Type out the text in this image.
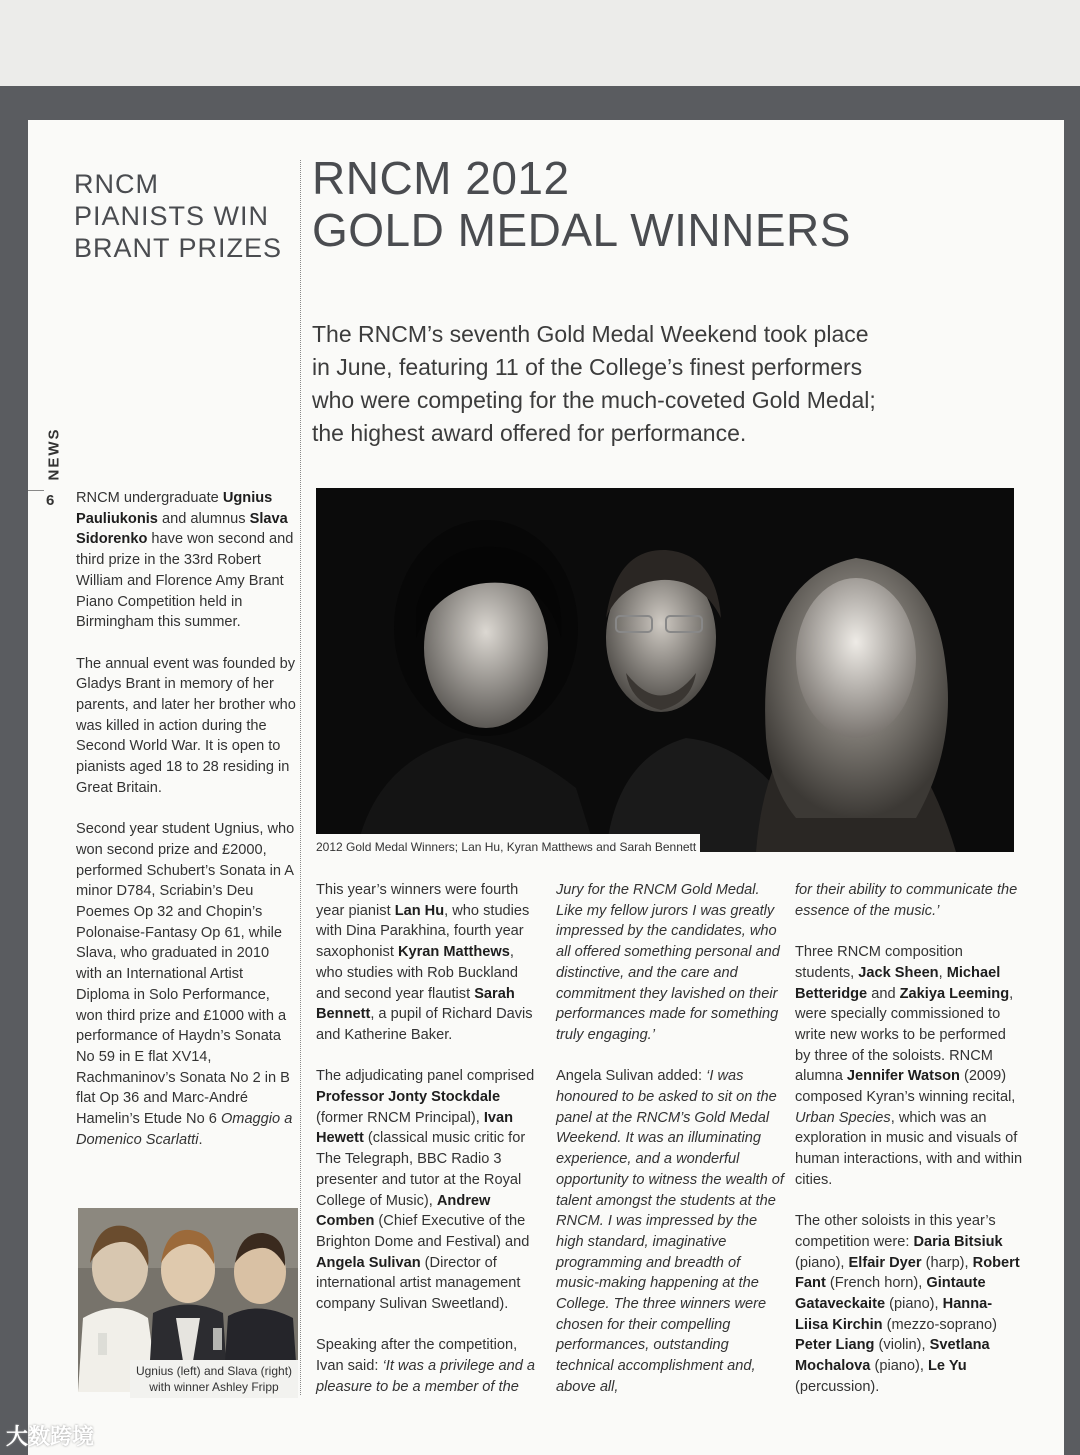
RNCM
PIANISTS WIN
BRANT PRIZES
RNCM 2012
GOLD MEDAL WINNERS
NEWS
6
The RNCM’s seventh Gold Medal Weekend took place in June, featuring 11 of the College’s finest performers who were competing for the much-coveted Gold Medal; the highest award offered for performance.
2012 Gold Medal Winners; Lan Hu, Kyran Matthews and Sarah Bennett

RNCM undergraduate Ugnius Pauliukonis and alumnus Slava Sidorenko have won second and third prize in the 33rd Robert William and Florence Amy Brant Piano Competition held in Birmingham this summer.

The annual event was founded by Gladys Brant in memory of her parents, and later her brother who was killed in action during the Second World War. It is open to pianists aged 18 to 28 residing in Great Britain.

Second year student Ugnius, who won second prize and £2000, performed Schubert’s Sonata in A minor D784, Scriabin’s Deu Poemes Op 32 and Chopin’s Polonaise-Fantasy Op 61, while Slava, who graduated in 2010 with an International Artist Diploma in Solo Performance, won third prize and £1000 with a performance of Haydn’s Sonata No 59 in E flat XV14, Rachmaninov’s Sonata No 2 in B flat Op 36 and Marc-André Hamelin’s Etude No 6 Omaggio a Domenico Scarlatti.

Ugnius (left) and Slava (right)
with winner Ashley Fripp

This year’s winners were fourth year pianist Lan Hu, who studies with Dina Parakhina, fourth year saxophonist Kyran Matthews, who studies with Rob Buckland and second year flautist Sarah Bennett, a pupil of Richard Davis and Katherine Baker.

The adjudicating panel comprised Professor Jonty Stockdale (former RNCM Principal), Ivan Hewett (classical music critic for The Telegraph, BBC Radio 3 presenter and tutor at the Royal College of Music), Andrew Comben (Chief Executive of the Brighton Dome and Festival) and Angela Sulivan (Director of international artist management company Sulivan Sweetland).

Speaking after the competition, Ivan said: ‘It was a privilege and a pleasure to be a member of the

Jury for the RNCM Gold Medal. Like my fellow jurors I was greatly impressed by the candidates, who all offered something personal and distinctive, and the care and commitment they lavished on their performances made for something truly engaging.’

Angela Sulivan added: ‘I was honoured to be asked to sit on the panel at the RNCM’s Gold Medal Weekend. It was an illuminating experience, and a wonderful opportunity to witness the wealth of talent amongst the students at the RNCM. I was impressed by the high standard, imaginative programming and breadth of music-making happening at the College. The three winners were chosen for their compelling performances, outstanding technical accomplishment and, above all,

for their ability to communicate the essence of the music.’

Three RNCM composition students, Jack Sheen, Michael Betteridge and Zakiya Leeming, were specially commissioned to write new works to be performed by three of the soloists. RNCM alumna Jennifer Watson (2009) composed Kyran’s winning recital, Urban Species, which was an exploration in music and visuals of human interactions, with and within cities.

The other soloists in this year’s competition were: Daria Bitsiuk (piano), Elfair Dyer (harp), Robert Fant (French horn), Gintaute Gataveckaite (piano), Hanna-Liisa Kirchin (mezzo-soprano) Peter Liang (violin), Svetlana Mochalova (piano), Le Yu (percussion).

大数跨境
